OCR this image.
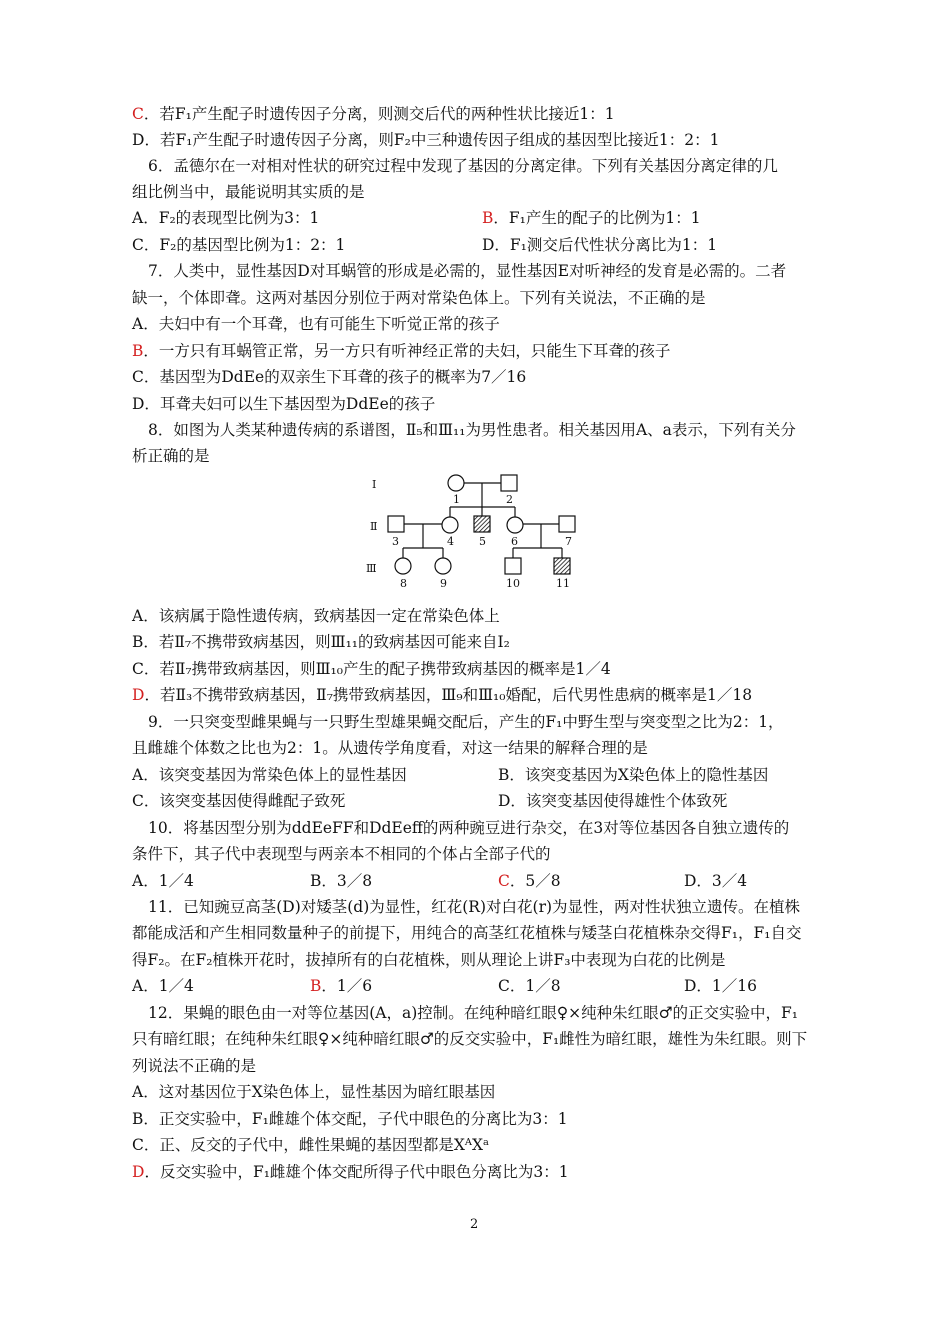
C．若F₁产生配子时遗传因子分离，则测交后代的两种性状比接近1：1
D．若F₁产生配子时遗传因子分离，则F₂中三种遗传因子组成的基因型比接近1：2：1
6．孟德尔在一对相对性状的研究过程中发现了基因的分离定律。下列有关基因分离定律的几
组比例当中，最能说明其实质的是
A．F₂的表现型比例为3：1	B．F₁产生的配子的比例为1：1
C．F₂的基因型比例为1：2：1	D．F₁测交后代性状分离比为1：1
7．人类中，显性基因D对耳蜗管的形成是必需的，显性基因E对听神经的发育是必需的。二者
缺一，个体即聋。这两对基因分别位于两对常染色体上。下列有关说法，不正确的是
A．夫妇中有一个耳聋，也有可能生下听觉正常的孩子
B．一方只有耳蜗管正常，另一方只有听神经正常的夫妇，只能生下耳聋的孩子
C．基因型为DdEe的双亲生下耳聋的孩子的概率为7／16
D．耳聋夫妇可以生下基因型为DdEe的孩子
8．如图为人类某种遗传病的系谱图，Ⅱ₅和Ⅲ₁₁为男性患者。相关基因用A、a表示，下列有关分
析正确的是
Ⅰ
Ⅱ
Ⅲ
1	2
3	4 5 6	7
8	9	10	11
A．该病属于隐性遗传病，致病基因一定在常染色体上
B．若Ⅱ₇不携带致病基因，则Ⅲ₁₁的致病基因可能来自I₂
C．若Ⅱ₇携带致病基因，则Ⅲ₁₀产生的配子携带致病基因的概率是1／4
D．若Ⅱ₃不携带致病基因，Ⅱ₇携带致病基因，Ⅲ₉和Ⅲ₁₀婚配，后代男性患病的概率是1／18
9．一只突变型雌果蝇与一只野生型雄果蝇交配后，产生的F₁中野生型与突变型之比为2：1，
且雌雄个体数之比也为2：1。从遗传学角度看，对这一结果的解释合理的是
A．该突变基因为常染色体上的显性基因	B．该突变基因为X染色体上的隐性基因
C．该突变基因使得雌配子致死	D．该突变基因使得雄性个体致死
10．将基因型分别为ddEeFF和DdEeff的两种豌豆进行杂交，在3对等位基因各自独立遗传的
条件下，其子代中表现型与两亲本不相同的个体占全部子代的
A．1／4	B．3／8	C．5／8	D．3／4
11．已知豌豆高茎(D)对矮茎(d)为显性，红花(R)对白花(r)为显性，两对性状独立遗传。在植株
都能成活和产生相同数量种子的前提下，用纯合的高茎红花植株与矮茎白花植株杂交得F₁，F₁自交
得F₂。在F₂植株开花时，拔掉所有的白花植株，则从理论上讲F₃中表现为白花的比例是
A．1／4	B．1／6	C．1／8	D．1／16
12．果蝇的眼色由一对等位基因(A，a)控制。在纯种暗红眼♀×纯种朱红眼♂的正交实验中，F₁
只有暗红眼；在纯种朱红眼♀×纯种暗红眼♂的反交实验中，F₁雌性为暗红眼，雄性为朱红眼。则下
列说法不正确的是
A．这对基因位于X染色体上，显性基因为暗红眼基因
B．正交实验中，F₁雌雄个体交配，子代中眼色的分离比为3：1
C．正、反交的子代中，雌性果蝇的基因型都是XᴬXᵃ
D．反交实验中，F₁雌雄个体交配所得子代中眼色分离比为3：1
2
